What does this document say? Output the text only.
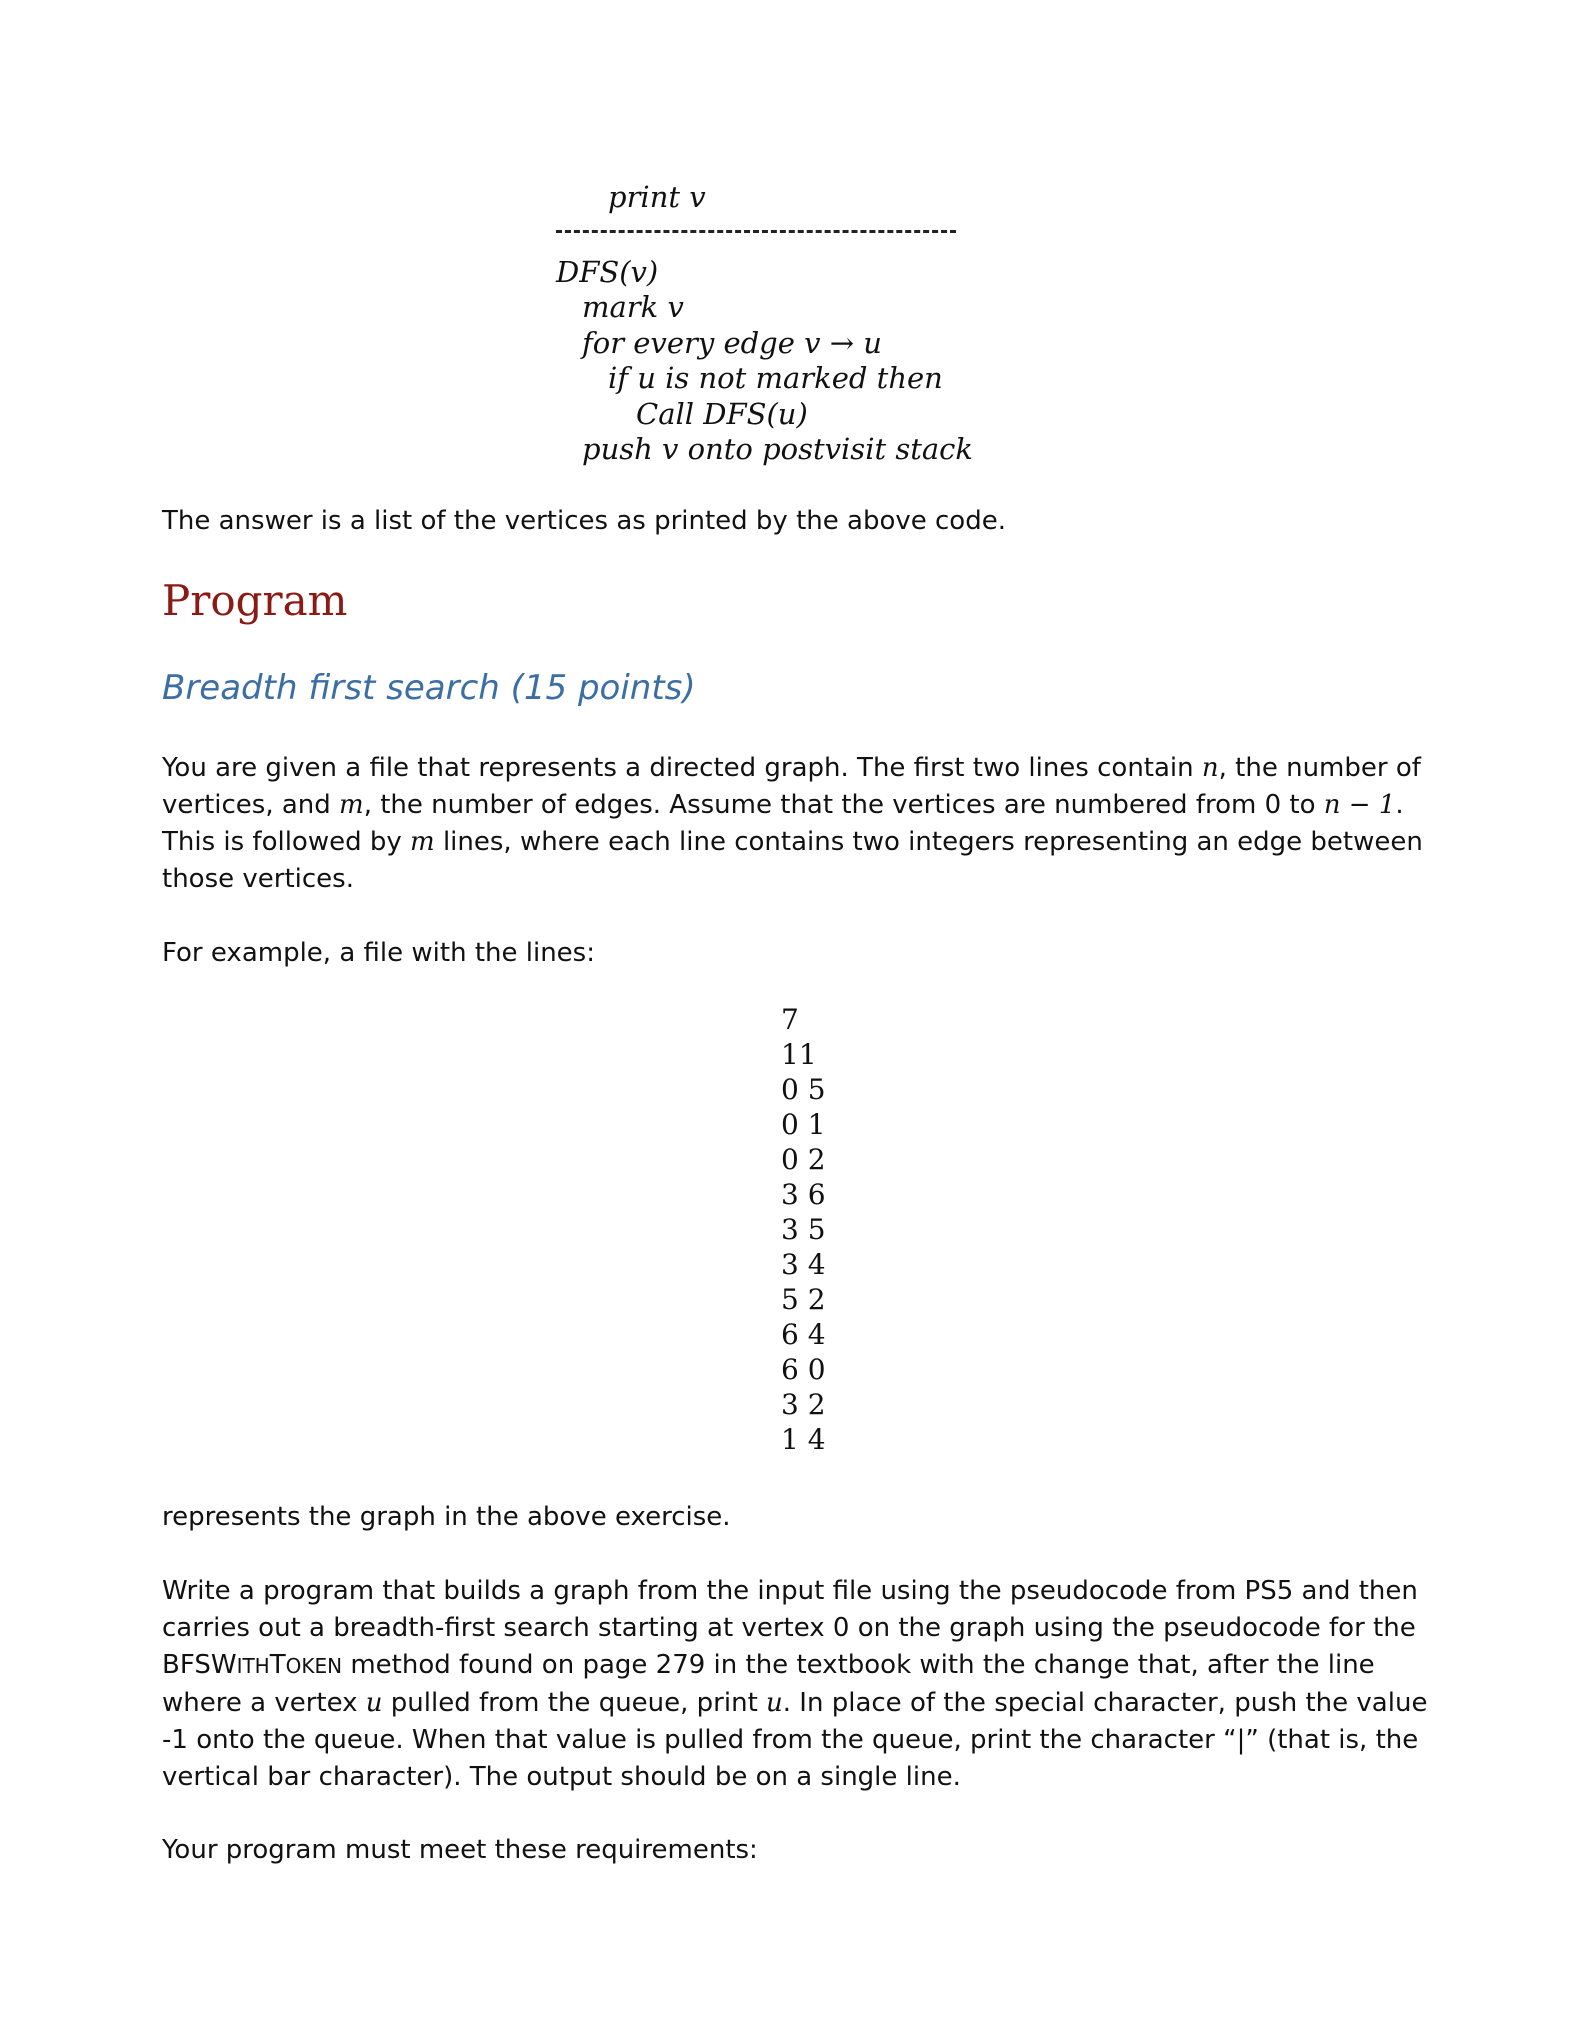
print v
DFS(v)
mark v
for every edge v → u
if u is not marked then
Call DFS(u)
push v onto postvisit stack
The answer is a list of the vertices as printed by the above code.
Program
Breadth first search (15 points)
You are given a file that represents a directed graph. The first two lines contain n, the number of vertices, and m, the number of edges. Assume that the vertices are numbered from 0 to n − 1. This is followed by m lines, where each line contains two integers representing an edge between those vertices.
For example, a file with the lines:
7
11
0 5
0 1
0 2
3 6
3 5
3 4
5 2
6 4
6 0
3 2
1 4
represents the graph in the above exercise.
Write a program that builds a graph from the input file using the pseudocode from PS5 and then carries out a breadth-first search starting at vertex 0 on the graph using the pseudocode for the BFSWITHTOKEN method found on page 279 in the textbook with the change that, after the line where a vertex u pulled from the queue, print u. In place of the special character, push the value -1 onto the queue. When that value is pulled from the queue, print the character “|” (that is, the vertical bar character). The output should be on a single line.
Your program must meet these requirements:
